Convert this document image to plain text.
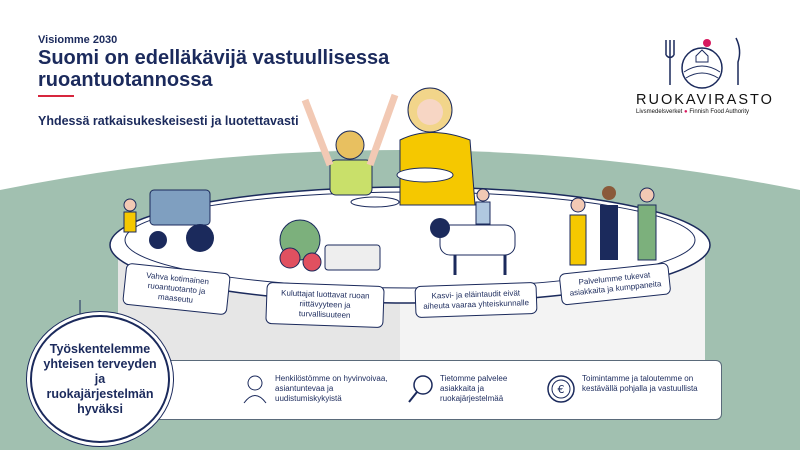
Visiomme 2030
Suomi on edelläkävijä vastuullisessa ruoantuotannossa
Yhdessä ratkaisukeskeisesti ja luotettavasti
RUOKAVIRASTO
Livsmedelsverket ● Finnish Food Authority
Vahva kotimainen ruoantuotanto ja maaseutu	Kuluttajat luottavat ruoan riittävyyteen ja turvallisuuteen
Kasvi- ja eläintaudit eivät aiheuta vaaraa yhteiskunnalle
Palvelumme tukevat asiakkaita ja kumppaneita
Työskentelemme yhteisen terveyden ja ruokajärjestelmän hyväksi
Henkilöstömme on hyvinvoivaa, asiantuntevaa ja uudistumiskykyistä
Tietomme palvelee asiakkaita ja ruokajärjestelmää
€
Toimintamme ja taloutemme on kestävällä pohjalla ja vastuullista
